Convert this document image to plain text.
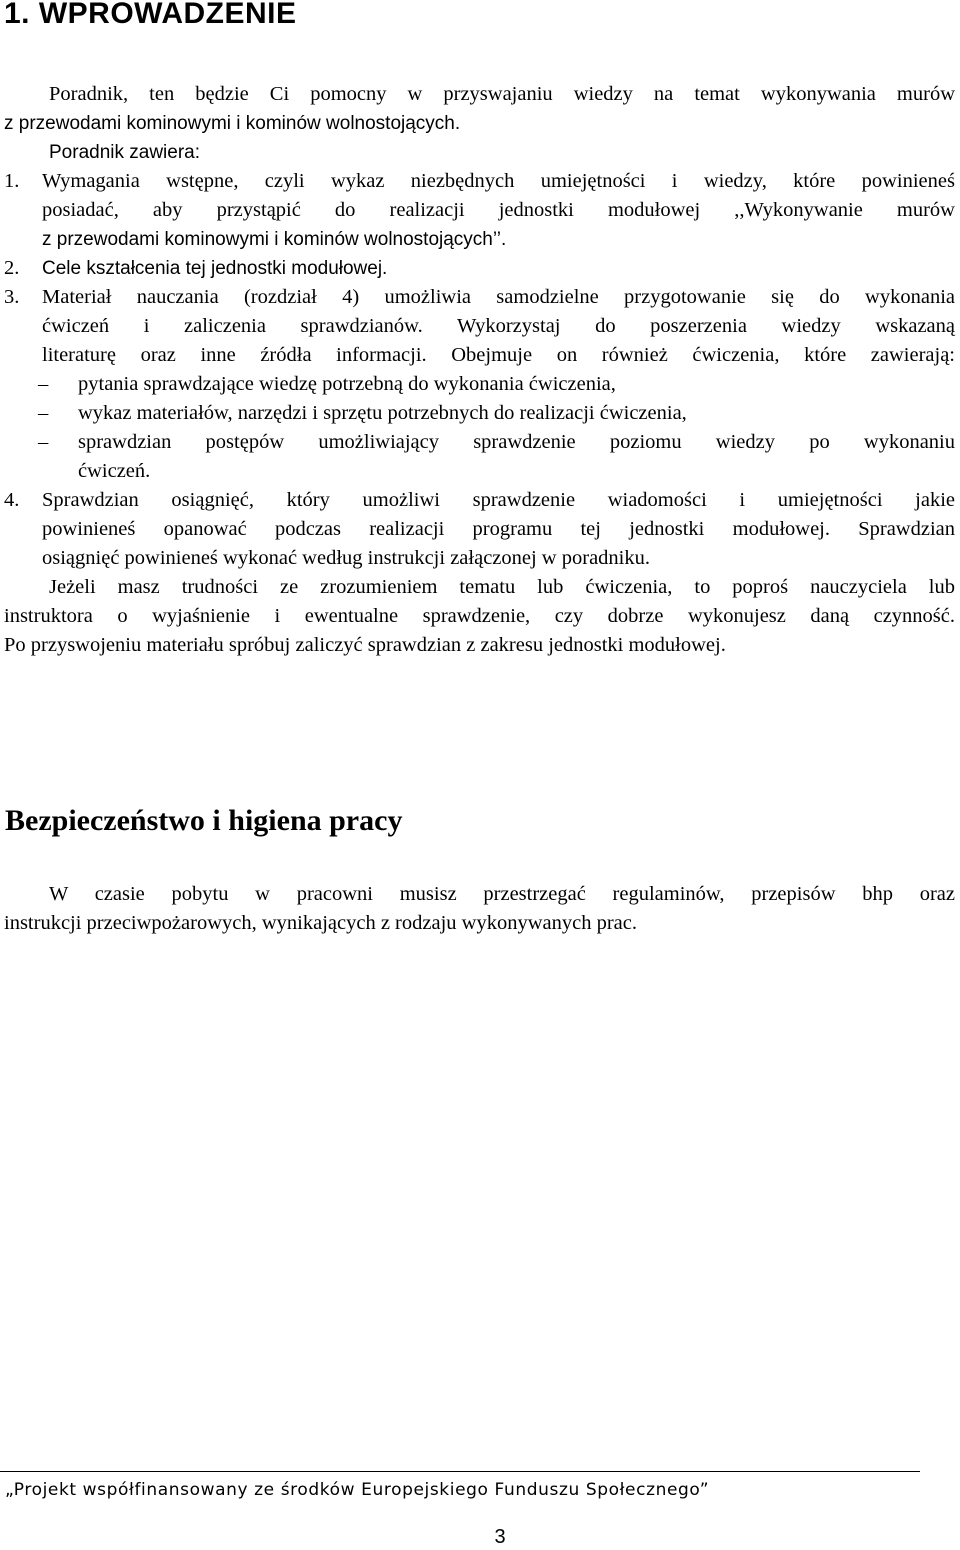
1. WPROWADZENIE
Poradnik, ten będzie Ci pomocny w przyswajaniu wiedzy na temat wykonywania murów
z przewodami kominowymi i kominów wolnostojących.
Poradnik zawiera:
1. Wymagania wstępne, czyli wykaz niezbędnych umiejętności i wiedzy, które powinieneś
posiadać, aby przystąpić do realizacji jednostki modułowej ,,Wykonywanie murów
z przewodami kominowymi i kominów wolnostojących’’.
2. Cele kształcenia tej jednostki modułowej.
3. Materiał nauczania (rozdział 4) umożliwia samodzielne przygotowanie się do wykonania
ćwiczeń i zaliczenia sprawdzianów. Wykorzystaj do poszerzenia wiedzy wskazaną
literaturę oraz inne źródła informacji. Obejmuje on również ćwiczenia, które zawierają:
– pytania sprawdzające wiedzę potrzebną do wykonania ćwiczenia,
– wykaz materiałów, narzędzi i sprzętu potrzebnych do realizacji ćwiczenia,
– sprawdzian postępów umożliwiający sprawdzenie poziomu wiedzy po wykonaniu
ćwiczeń.
4. Sprawdzian osiągnięć, który umożliwi sprawdzenie wiadomości i umiejętności jakie
powinieneś opanować podczas realizacji programu tej jednostki modułowej. Sprawdzian
osiągnięć powinieneś wykonać według instrukcji załączonej w poradniku.
Jeżeli masz trudności ze zrozumieniem tematu lub ćwiczenia, to poproś nauczyciela lub
instruktora o wyjaśnienie i ewentualne sprawdzenie, czy dobrze wykonujesz daną czynność.
Po przyswojeniu materiału spróbuj zaliczyć sprawdzian z zakresu jednostki modułowej.
Bezpieczeństwo i higiena pracy
W czasie pobytu w pracowni musisz przestrzegać regulaminów, przepisów bhp oraz
instrukcji przeciwpożarowych, wynikających z rodzaju wykonywanych prac.
„Projekt współfinansowany ze środków Europejskiego Funduszu Społecznego”
3
